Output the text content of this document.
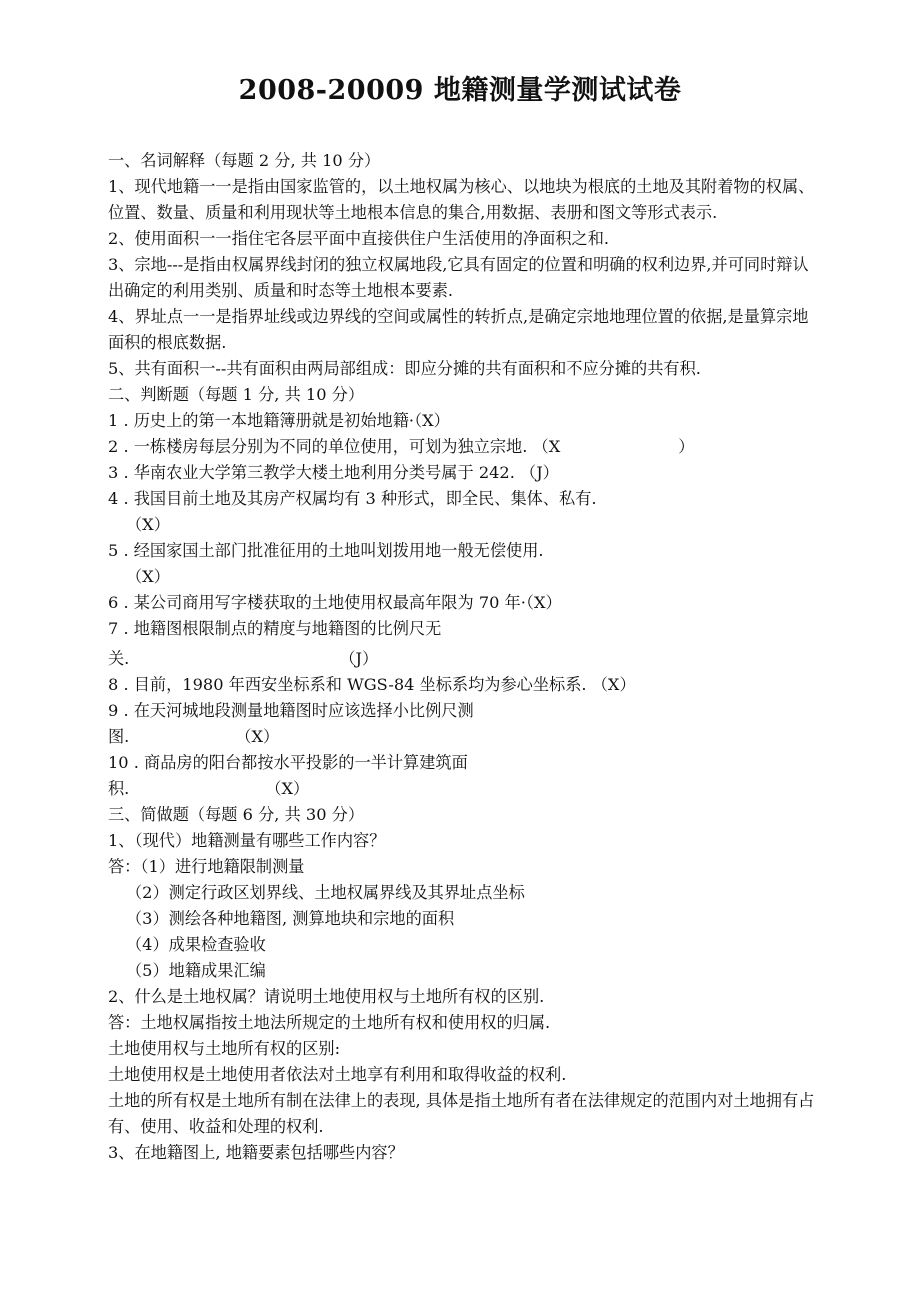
2008-20009 地籍测量学测试试卷
一、名词解释（每题 2 分, 共 10 分）
1、现代地籍一一是指由国家监管的，以土地权属为核心、以地块为根底的土地及其附着物的权属、位置、数量、质量和利用现状等土地根本信息的集合,用数据、表册和图文等形式表示.
2、使用面积一一指住宅各层平面中直接供住户生活使用的净面积之和.
3、宗地---是指由权属界线封闭的独立权属地段,它具有固定的位置和明确的权利边界,并可同时辩认出确定的利用类别、质量和时态等土地根本要素.
4、界址点一一是指界址线或边界线的空间或属性的转折点,是确定宗地地理位置的依据,是量算宗地面积的根底数据.
5、共有面积一--共有面积由两局部组成：即应分摊的共有面积和不应分摊的共有积.
二、判断题（每题 1 分, 共 10 分）
1 . 历史上的第一本地籍簿册就是初始地籍·（X）
2 . 一栋楼房每层分别为不同的单位使用，可划为独立宗地. （X	）
3 . 华南农业大学第三教学大楼土地利用分类号属于 242. （J）
4 . 我国目前土地及其房产权属均有 3 种形式，即全民、集体、私有.
（X）
5 . 经国家国土部门批准征用的土地叫划拨用地一般无偿使用.
（X）
6 . 某公司商用写字楼获取的土地使用权最高年限为 70 年·（X）
7 . 地籍图根限制点的精度与地籍图的比例尺无
关.	（J）
8 . 目前，1980 年西安坐标系和 WGS-84 坐标系均为参心坐标系. （X）
9 . 在天河城地段测量地籍图时应该选择小比例尺测
图.	（X）
10 . 商品房的阳台都按水平投影的一半计算建筑面
积.	（X）
三、简做题（每题 6 分, 共 30 分）
1、（现代）地籍测量有哪些工作内容？
答：（1）进行地籍限制测量
（2）测定行政区划界线、土地权属界线及其界址点坐标
（3）测绘各种地籍图, 测算地块和宗地的面积
（4）成果检查验收
（5）地籍成果汇编
2、什么是土地权属？请说明土地使用权与土地所有权的区别.
答：土地权属指按土地法所规定的土地所有权和使用权的归属.
土地使用权与土地所有权的区别:
土地使用权是土地使用者依法对土地享有利用和取得收益的权利.
土地的所有权是土地所有制在法律上的表现, 具体是指土地所有者在法律规定的范围内对土地拥有占有、使用、收益和处理的权利.
3、在地籍图上, 地籍要素包括哪些内容？
